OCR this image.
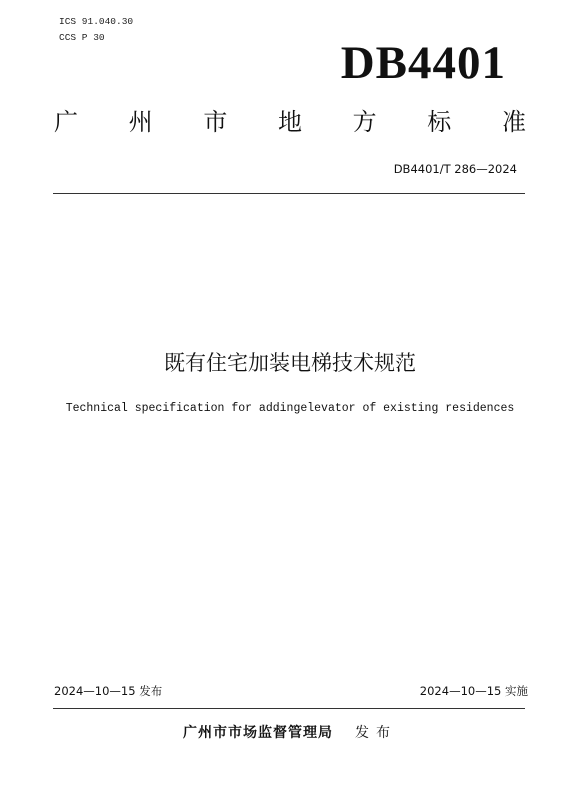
ICS 91.040.30
CCS P 30	DB4401
广 州 市 地 方 标 准
DB4401/T 286—2024
既有住宅加装电梯技术规范
Technical specification for addingelevator of existing residences
2024—10—15 发布	2024—10—15 实施
广州市市场监督管理局 发布
